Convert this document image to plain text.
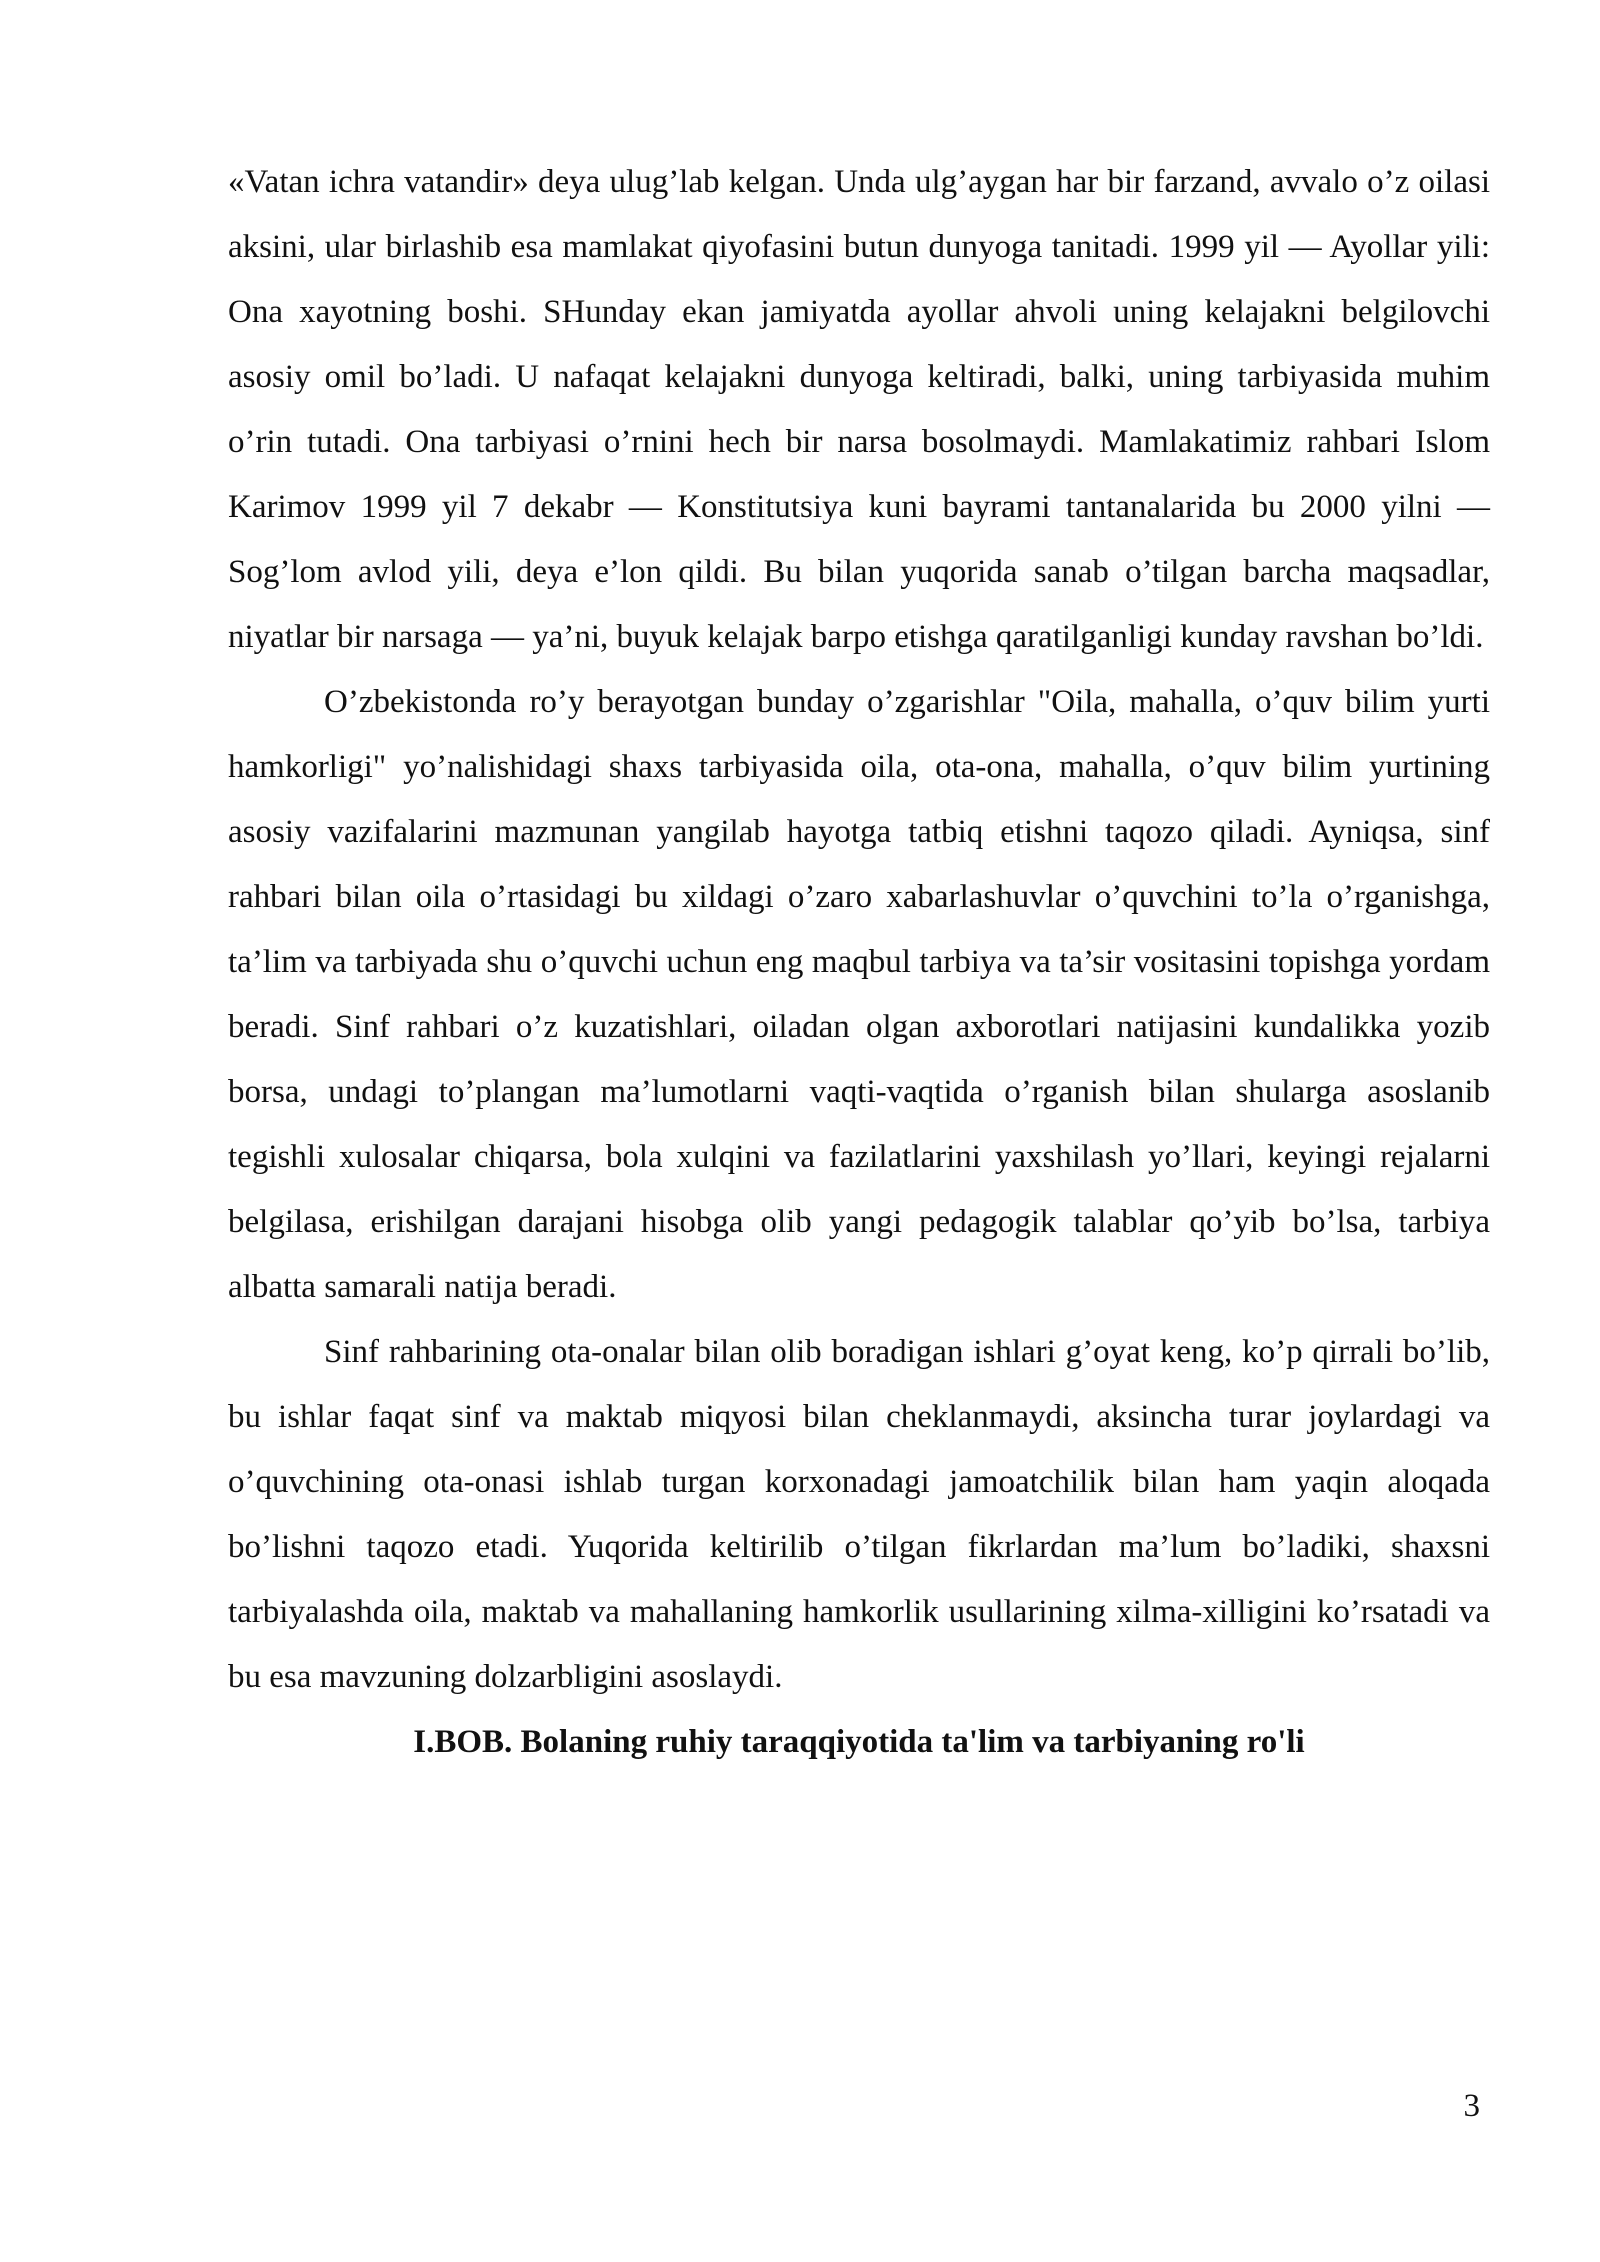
«Vatan ichra vatandir» deya ulug’lab kelgan. Unda ulg’aygan har bir farzand, avvalo o’z oilasi aksini, ular birlashib esa mamlakat qiyofasini butun dunyoga tanitadi. 1999 yil — Ayollar yili: Ona xayotning boshi. SHunday ekan jamiyatda ayollar ahvoli uning kelajakni belgilovchi asosiy omil bo’ladi. U nafaqat kelajakni dunyoga keltiradi, balki, uning tarbiyasida muhim o’rin tutadi. Ona tarbiyasi o’rnini hech bir narsa bosolmaydi. Mamlakatimiz rahbari Islom Karimov 1999 yil 7 dekabr — Konstitutsiya kuni bayrami tantanalarida bu 2000 yilni — Sog’lom avlod yili, deya e’lon qildi. Bu bilan yuqorida sanab o’tilgan barcha maqsadlar, niyatlar bir narsaga — ya’ni, buyuk kelajak barpo etishga qaratilganligi kunday ravshan bo’ldi.

O’zbekistonda ro’y berayotgan bunday o’zgarishlar "Oila, mahalla, o’quv bilim yurti hamkorligi" yo’nalishidagi shaxs tarbiyasida oila, ota-ona, mahalla, o’quv bilim yurtining asosiy vazifalarini mazmunan yangilab hayotga tatbiq etishni taqozo qiladi. Ayniqsa, sinf rahbari bilan oila o’rtasidagi bu xildagi o’zaro xabarlashuvlar o’quvchini to’la o’rganishga, ta’lim va tarbiyada shu o’quvchi uchun eng maqbul tarbiya va ta’sir vositasini topishga yordam beradi. Sinf rahbari o’z kuzatishlari, oiladan olgan axborotlari natijasini kundalikka yozib borsa, undagi to’plangan ma’lumotlarni vaqti-vaqtida o’rganish bilan shularga asoslanib tegishli xulosalar chiqarsa, bola xulqini va fazilatlarini yaxshilash yo’llari, keyingi rejalarni belgilasa, erishilgan darajani hisobga olib yangi pedagogik talablar qo’yib bo’lsa, tarbiya albatta samarali natija beradi.

Sinf rahbarining ota-onalar bilan olib boradigan ishlari g’oyat keng, ko’p qirrali bo’lib, bu ishlar faqat sinf va maktab miqyosi bilan cheklanmaydi, aksincha turar joylardagi va o’quvchining ota-onasi ishlab turgan korxonadagi jamoatchilik bilan ham yaqin aloqada bo’lishni taqozo etadi. Yuqorida keltirilib o’tilgan fikrlardan ma’lum bo’ladiki, shaxsni tarbiyalashda oila, maktab va mahallaning hamkorlik usullarining xilma-xilligini ko’rsatadi va bu esa mavzuning dolzarbligini asoslaydi.

I.BOB. Bolaning ruhiy taraqqiyotida ta'lim va tarbiyaning ro'li

3
